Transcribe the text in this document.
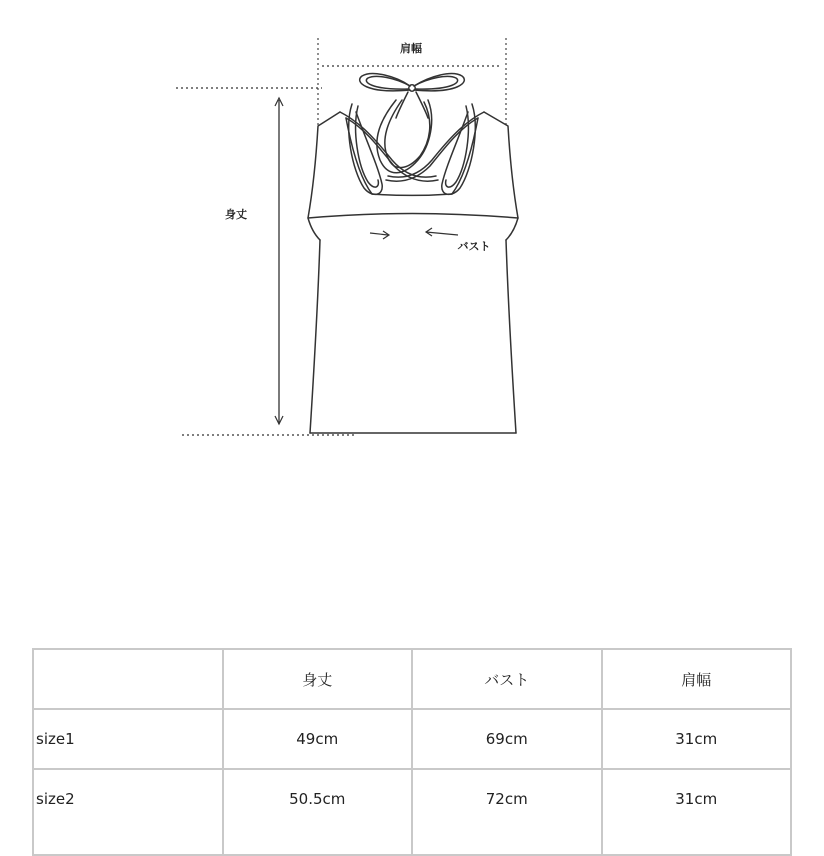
肩幅
身丈
バスト
	身丈	バスト	肩幅
size1	49cm	69cm	31cm
size2	50.5cm	72cm	31cm
